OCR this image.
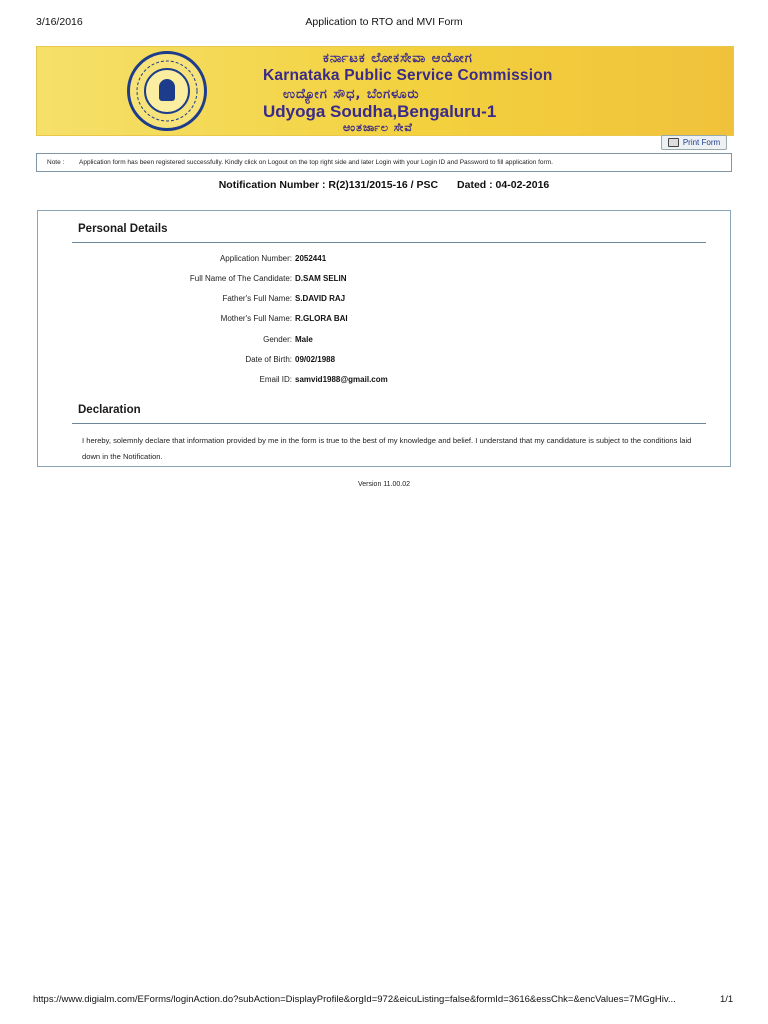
Application to RTO and MVI Form
3/16/2016
ಕರ್ನಾಟಕ ಲೋಕಸೇವಾ ಆಯೋಗ
Karnataka Public Service Commission
ಉದ್ಯೋಗ ಸೌಧ, ಬೆಂಗಳೂರು
Udyoga Soudha,Bengaluru-1
ಆಂತರ್ಜಾಲ ಸೇವೆ
Print Form
Note : Application form has been registered successfully. Kindly click on Logout on the top right side and later Login with your Login ID and Password to fill application form.
Notification Number : R(2)131/2015-16 / PSC Dated : 04-02-2016
Personal Details
Application Number: 2052441
Full Name of The Candidate: D.SAM SELIN
Father's Full Name: S.DAVID RAJ
Mother's Full Name: R.GLORA BAI
Gender: Male
Date of Birth: 09/02/1988
Email ID: samvid1988@gmail.com
Declaration
I hereby, solemnly declare that information provided by me in the form is true to the best of my knowledge and belief. I understand that my candidature is subject to the conditions laid down in the Notification.
Version 11.00.02
https://www.digialm.com/EForms/loginAction.do?subAction=DisplayProfile&orgId=972&eicuListing=false&formId=3616&essChk=&encValues=7MGgHiv...	1/1
